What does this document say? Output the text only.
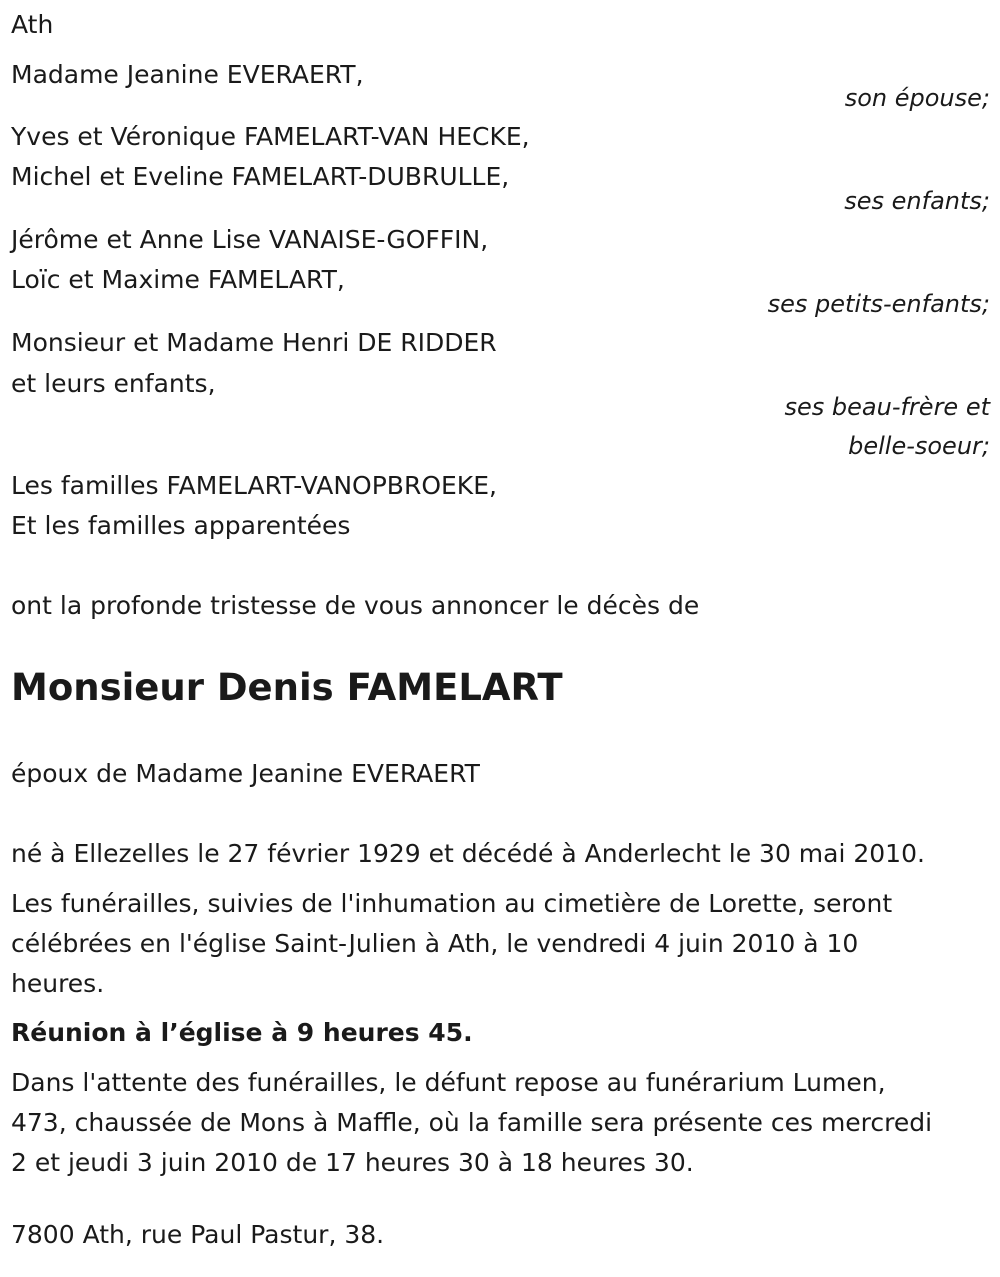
Ath
Madame Jeanine EVERAERT,
son épouse;
Yves et Véronique FAMELART-VAN HECKE,
Michel et Eveline FAMELART-DUBRULLE,
ses enfants;
Jérôme et Anne Lise VANAISE-GOFFIN,
Loïc et Maxime FAMELART,
ses petits-enfants;
Monsieur et Madame Henri DE RIDDER
et leurs enfants,
ses beau-frère et
belle-soeur;
Les familles FAMELART-VANOPBROEKE,
Et les familles apparentées
ont la profonde tristesse de vous annoncer le décès de
Monsieur Denis FAMELART
époux de Madame Jeanine EVERAERT
né à Ellezelles le 27 février 1929 et décédé à Anderlecht le 30 mai 2010.
Les funérailles, suivies de l'inhumation au cimetière de Lorette, seront
célébrées en l'église Saint-Julien à Ath, le vendredi 4 juin 2010 à 10
heures.
Réunion à l’église à 9 heures 45.
Dans l'attente des funérailles, le défunt repose au funérarium Lumen,
473, chaussée de Mons à Maffle, où la famille sera présente ces mercredi
2 et jeudi 3 juin 2010 de 17 heures 30 à 18 heures 30.
7800 Ath, rue Paul Pastur, 38.
